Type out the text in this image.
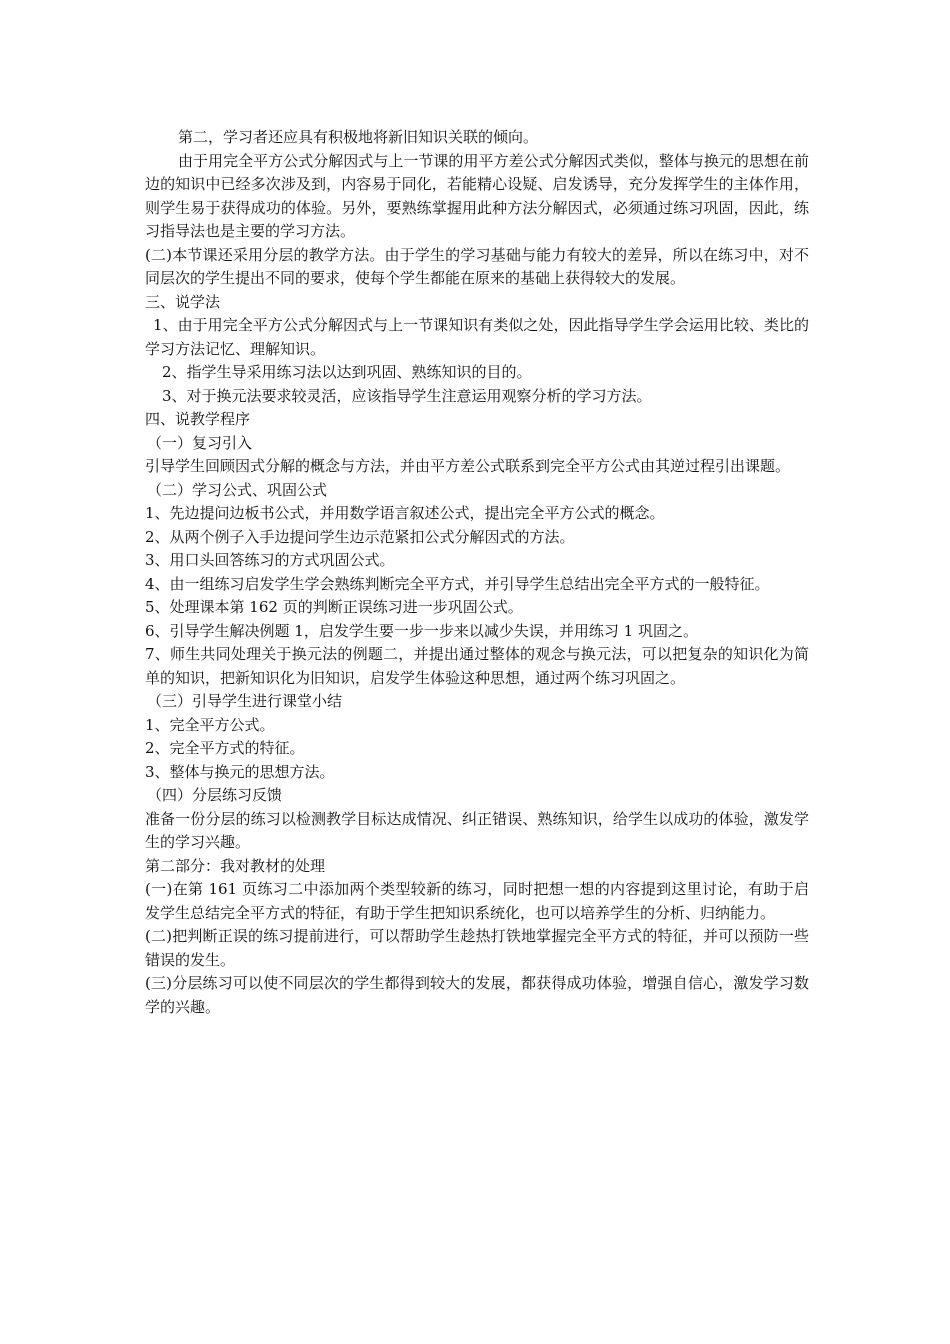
第二，学习者还应具有积极地将新旧知识关联的倾向。

由于用完全平方公式分解因式与上一节课的用平方差公式分解因式类似，整体与换元的思想在前 边的知识中已经多次涉及到，内容易于同化，若能精心设疑、启发诱导，充分发挥学生的主体作用，则学生易于获得成功的体验。另外，要熟练掌握用此种方法分解因式，必须通过练习巩固，因此，练习指导法也是主要的学习方法。

(二)本节课还采用分层的教学方法。由于学生的学习基础与能力有较大的差异，所以在练习中，对不同层次的学生提出不同的要求，使每个学生都能在原来的基础上获得较大的发展。

三、说学法

1、由于用完全平方公式分解因式与上一节课知识有类似之处，因此指导学生学会运用比较、类比的学习方法记忆、理解知识。

2、指学生导采用练习法以达到巩固、熟练知识的目的。

3、对于换元法要求较灵活，应该指导学生注意运用观察分析的学习方法。

四、说教学程序

（一）复习引入

引导学生回顾因式分解的概念与方法，并由平方差公式联系到完全平方公式由其逆过程引出课题。

（二）学习公式、巩固公式

1、先边提问边板书公式，并用数学语言叙述公式，提出完全平方公式的概念。

2、从两个例子入手边提问学生边示范紧扣公式分解因式的方法。

3、用口头回答练习的方式巩固公式。

4、由一组练习启发学生学会熟练判断完全平方式，并引导学生总结出完全平方式的一般特征。

5、处理课本第 162 页的判断正误练习进一步巩固公式。

6、引导学生解决例题 1，启发学生要一步一步来以减少失误，并用练习 1 巩固之。

7、师生共同处理关于换元法的例题二，并提出通过整体的观念与换元法，可以把复杂的知识化为简单的知识，把新知识化为旧知识，启发学生体验这种思想，通过两个练习巩固之。

（三）引导学生进行课堂小结

1、完全平方公式。

2、完全平方式的特征。

3、整体与换元的思想方法。

（四）分层练习反馈

准备一份分层的练习以检测教学目标达成情况、纠正错误、熟练知识，给学生以成功的体验，激发学生的学习兴趣。

第二部分：我对教材的处理

(一)在第 161 页练习二中添加两个类型较新的练习，同时把想一想的内容提到这里讨论，有助于启发学生总结完全平方式的特征，有助于学生把知识系统化，也可以培养学生的分析、归纳能力。

(二)把判断正误的练习提前进行，可以帮助学生趁热打铁地掌握完全平方式的特征，并可以预防一些错误的发生。

(三)分层练习可以使不同层次的学生都得到较大的发展，都获得成功体验，增强自信心，激发学习数学的兴趣。
